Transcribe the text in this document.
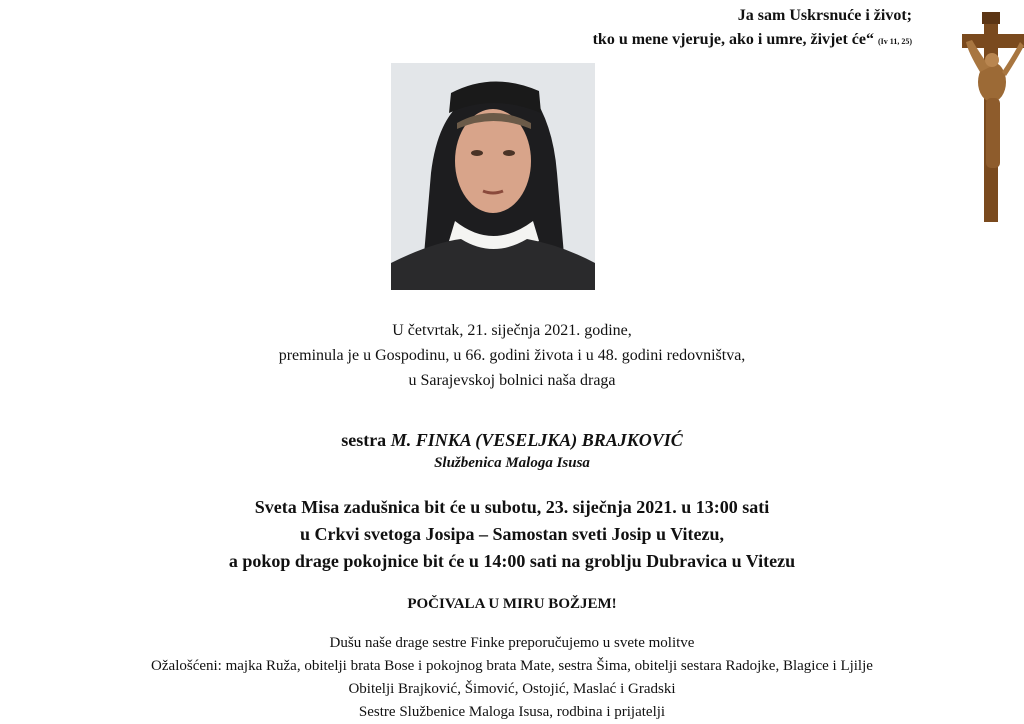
Ja sam Uskrsnuće i život;
tko u mene vjeruje, ako i umre, živjet će“ (Iv 11, 25)
U četvrtak, 21. siječnja 2021. godine,
preminula je u Gospodinu, u 66. godini života i u 48. godini redovništva,
u Sarajevskoj bolnici naša draga
sestra M. FINKA (VESELJKA) BRAJKOVIĆ
Službenica Maloga Isusa
Sveta Misa zadušnica bit će u subotu, 23. siječnja 2021. u 13:00 sati
u Crkvi svetoga Josipa – Samostan sveti Josip u Vitezu,
a pokop drage pokojnice bit će u 14:00 sati na groblju Dubravica u Vitezu
POČIVALA U MIRU BOŽJEM!
Dušu naše drage sestre Finke preporučujemo u svete molitve
Ožalošćeni: majka Ruža, obitelji brata Bose i pokojnog brata Mate, sestra Šima, obitelji sestara Radojke, Blagice i Ljilje
Obitelji Brajković, Šimović, Ostojić, Maslać i Gradski
Sestre Službenice Maloga Isusa, rodbina i prijatelji
